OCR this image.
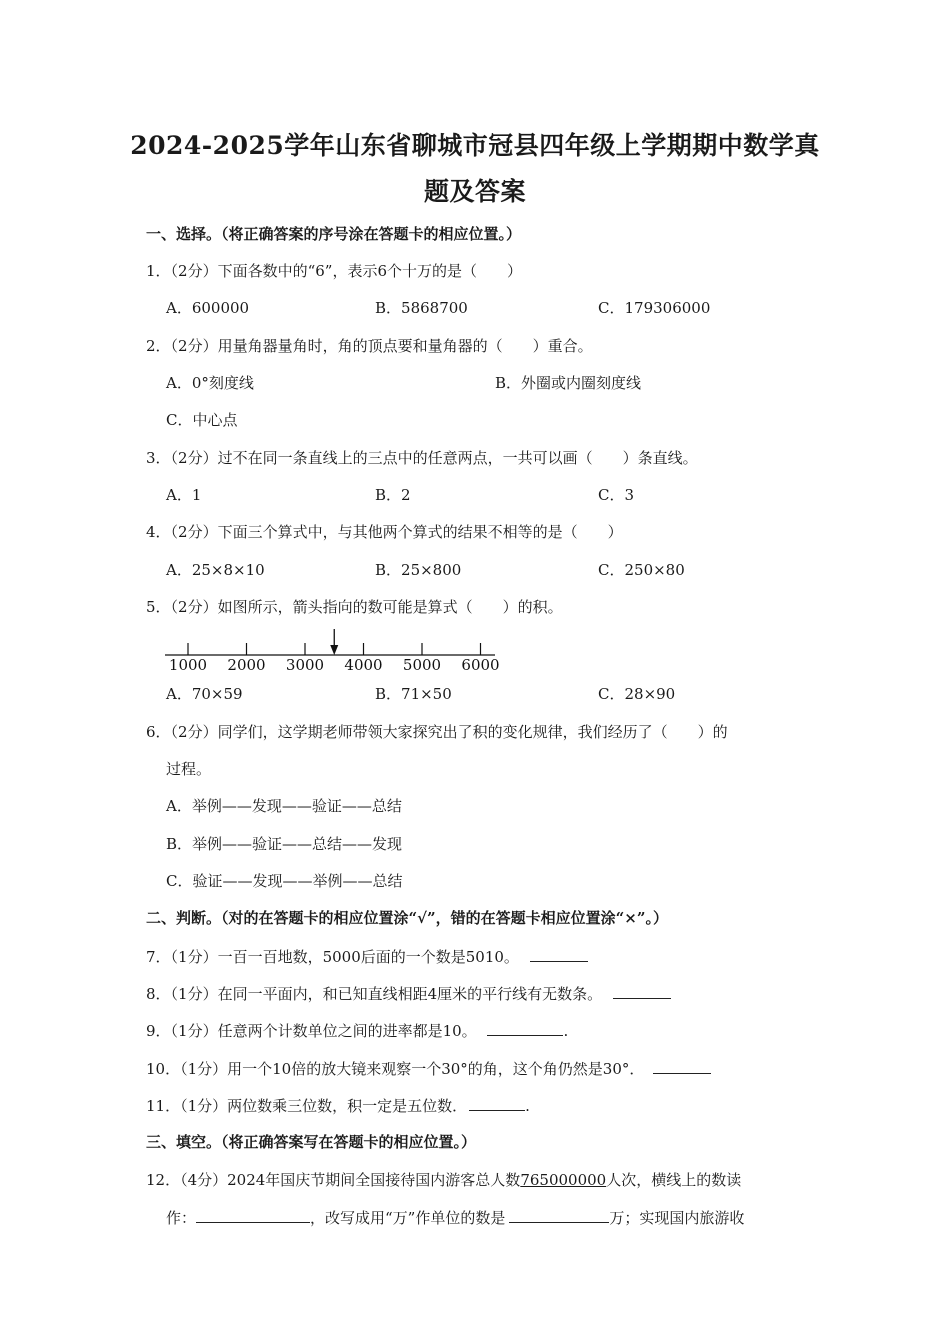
2024-2025学年山东省聊城市冠县四年级上学期期中数学真
题及答案
一、选择。（将正确答案的序号涂在答题卡的相应位置。）
1．（2分）下面各数中的“6”，表示6个十万的是（　　）
A．600000	B．5868700	C．179306000
2．（2分）用量角器量角时，角的顶点要和量角器的（　　）重合。
A．0°刻度线	B．外圈或内圈刻度线
C．中心点
3．（2分）过不在同一条直线上的三点中的任意两点，一共可以画（　　）条直线。
A．1	B．2	C．3
4．（2分）下面三个算式中，与其他两个算式的结果不相等的是（　　）
A．25×8×10	B．25×800	C．250×80
5．（2分）如图所示，箭头指向的数可能是算式（　　）的积。
1000 2000 3000 4000 5000 6000
A．70×59	B．71×50	C．28×90
6．（2分）同学们，这学期老师带领大家探究出了积的变化规律，我们经历了（　　）的
过程。
A．举例——发现——验证——总结
B．举例——验证——总结——发现
C．验证——发现——举例——总结
二、判断。（对的在答题卡的相应位置涂“√”，错的在答题卡相应位置涂“×”。）
7．（1分）一百一百地数，5000后面的一个数是5010。
8．（1分）在同一平面内，和已知直线相距4厘米的平行线有无数条。
9．（1分）任意两个计数单位之间的进率都是10。	.
10．（1分）用一个10倍的放大镜来观察一个30°的角，这个角仍然是30°．
11．（1分）两位数乘三位数，积一定是五位数．	.
三、填空。（将正确答案写在答题卡的相应位置。）
12．（4分）2024年国庆节期间全国接待国内游客总人数765000000人次，横线上的数读
作：	，改写成用“万”作单位的数是	万；实现国内旅游收
